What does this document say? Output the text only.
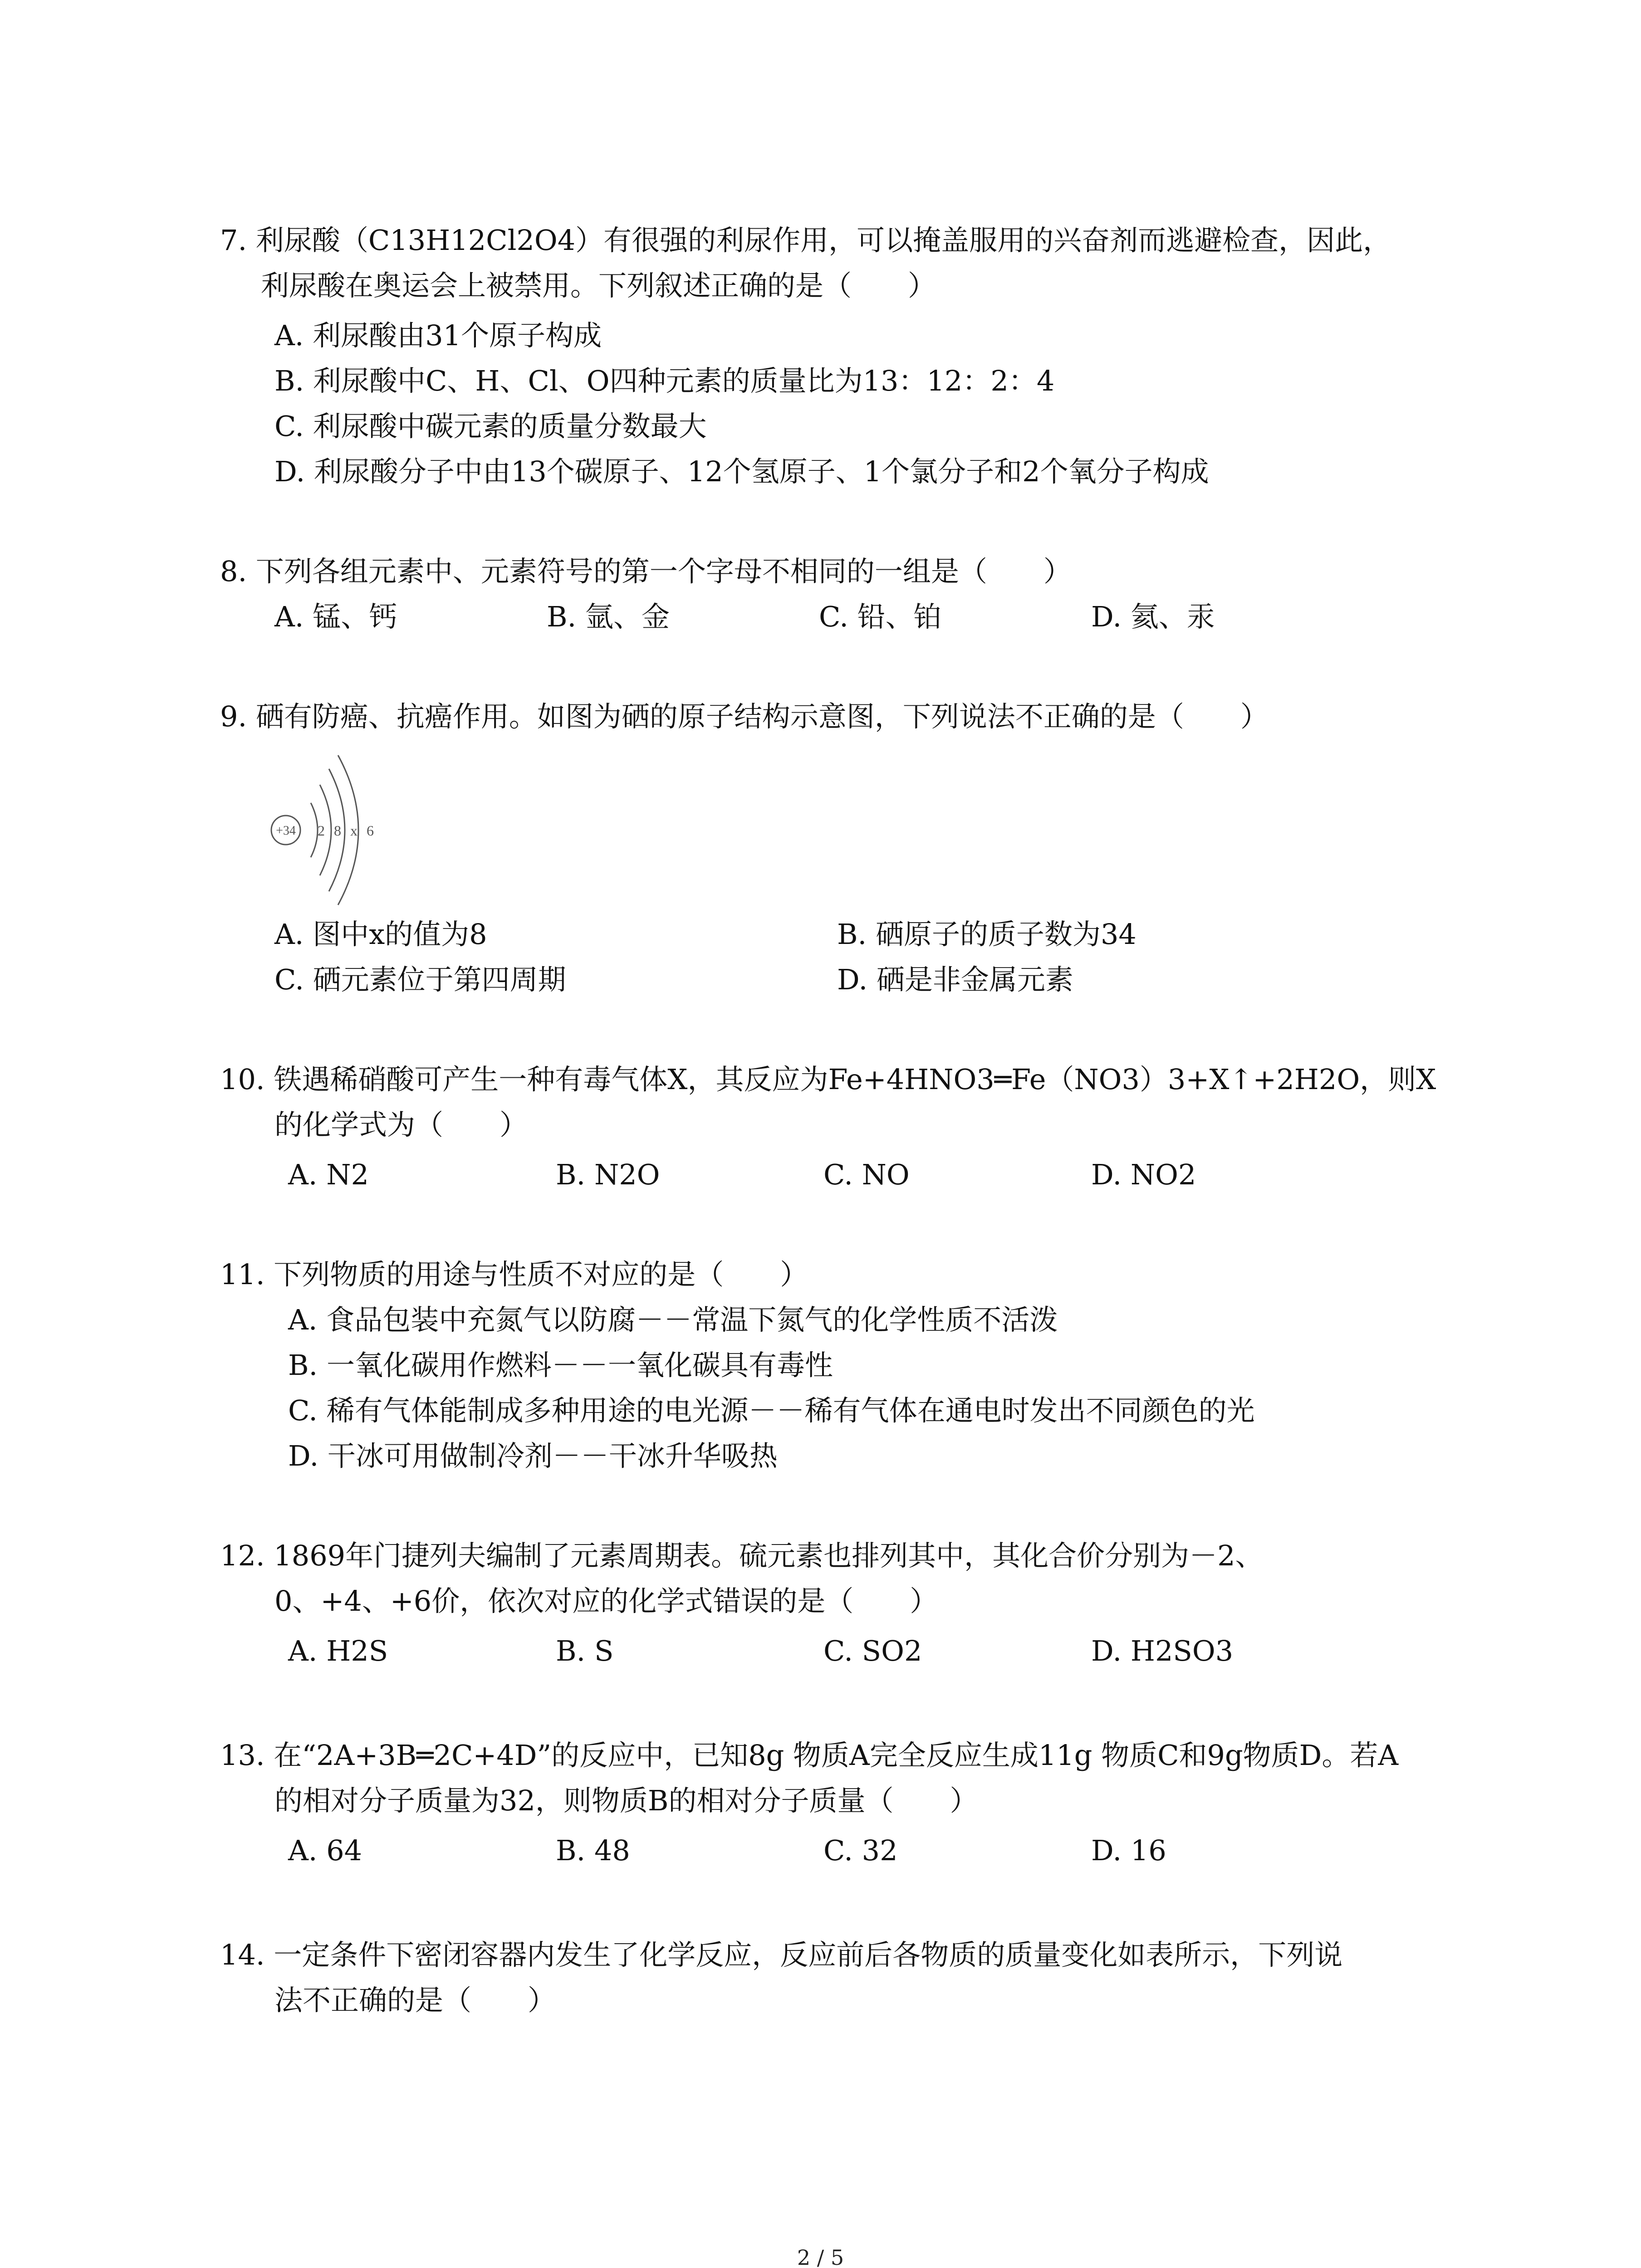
7. 利尿酸（C13H12Cl2O4）有很强的利尿作用，可以掩盖服用的兴奋剂而逃避检查，因此，
利尿酸在奥运会上被禁用。下列叙述正确的是（　　）
A. 利尿酸由31个原子构成
B. 利尿酸中C、H、Cl、O四种元素的质量比为13：12：2：4
C. 利尿酸中碳元素的质量分数最大
D. 利尿酸分子中由13个碳原子、12个氢原子、1个氯分子和2个氧分子构成
8. 下列各组元素中、元素符号的第一个字母不相同的一组是（　　）
A. 锰、钙	B. 氩、金	C. 铅、铂	D. 氦、汞
9. 硒有防癌、抗癌作用。如图为硒的原子结构示意图，下列说法不正确的是（　　）
+34 2 8 x 6
A. 图中x的值为8	B. 硒原子的质子数为34
C. 硒元素位于第四周期	D. 硒是非金属元素
10. 铁遇稀硝酸可产生一种有毒气体X，其反应为Fe+4HNO3═Fe（NO3）3+X↑+2H2O，则X
的化学式为（　　）
A. N2	B. N2O	C. NO	D. NO2
11. 下列物质的用途与性质不对应的是（　　）
A. 食品包装中充氮气以防腐－－常温下氮气的化学性质不活泼
B. 一氧化碳用作燃料－－一氧化碳具有毒性
C. 稀有气体能制成多种用途的电光源－－稀有气体在通电时发出不同颜色的光
D. 干冰可用做制冷剂－－干冰升华吸热
12. 1869年门捷列夫编制了元素周期表。硫元素也排列其中，其化合价分别为－2、
0、+4、+6价，依次对应的化学式错误的是（　　）
A. H2S	B. S	C. SO2	D. H2SO3
13. 在“2A+3B═2C+4D”的反应中，已知8g 物质A完全反应生成11g 物质C和9g物质D。若A
的相对分子质量为32，则物质B的相对分子质量（　　）
A. 64	B. 48	C. 32	D. 16
14. 一定条件下密闭容器内发生了化学反应，反应前后各物质的质量变化如表所示，下列说
法不正确的是（　　）
2 / 5
